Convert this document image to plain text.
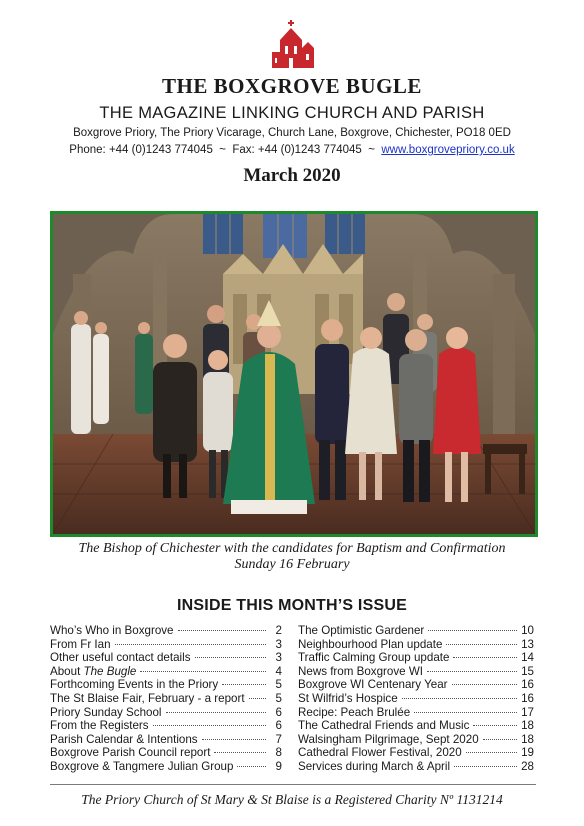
THE BOXGROVE BUGLE
THE MAGAZINE LINKING CHURCH AND PARISH
Boxgrove Priory, The Priory Vicarage, Church Lane, Boxgrove, Chichester, PO18 0ED
Phone: +44 (0)1243 774045  ~  Fax: +44 (0)1243 774045  ~  www.boxgrovepriory.co.uk
March 2020
The Bishop of Chichester with the candidates for Baptism and Confirmation
Sunday 16 February
INSIDE THIS MONTH’S ISSUE
Who’s Who in Boxgrove	2
From Fr Ian	3
Other useful contact details	3
About The Bugle	4
Forthcoming Events in the Priory	5
The St Blaise Fair, February - a report	5
Priory Sunday School	6
From the Registers	6
Parish Calendar & Intentions	7
Boxgrove Parish Council report	8
Boxgrove & Tangmere Julian Group	9
The Optimistic Gardener	10
Neighbourhood Plan update	13
Traffic Calming Group update	14
News from Boxgrove WI	15
Boxgrove WI Centenary Year	16
St Wilfrid’s Hospice	16
Recipe: Peach Brulée	17
The Cathedral Friends and Music	18
Walsingham Pilgrimage, Sept 2020	18
Cathedral Flower Festival, 2020	19
Services during March & April	28
The Priory Church of St Mary & St Blaise is a Registered Charity Nº 1131214
